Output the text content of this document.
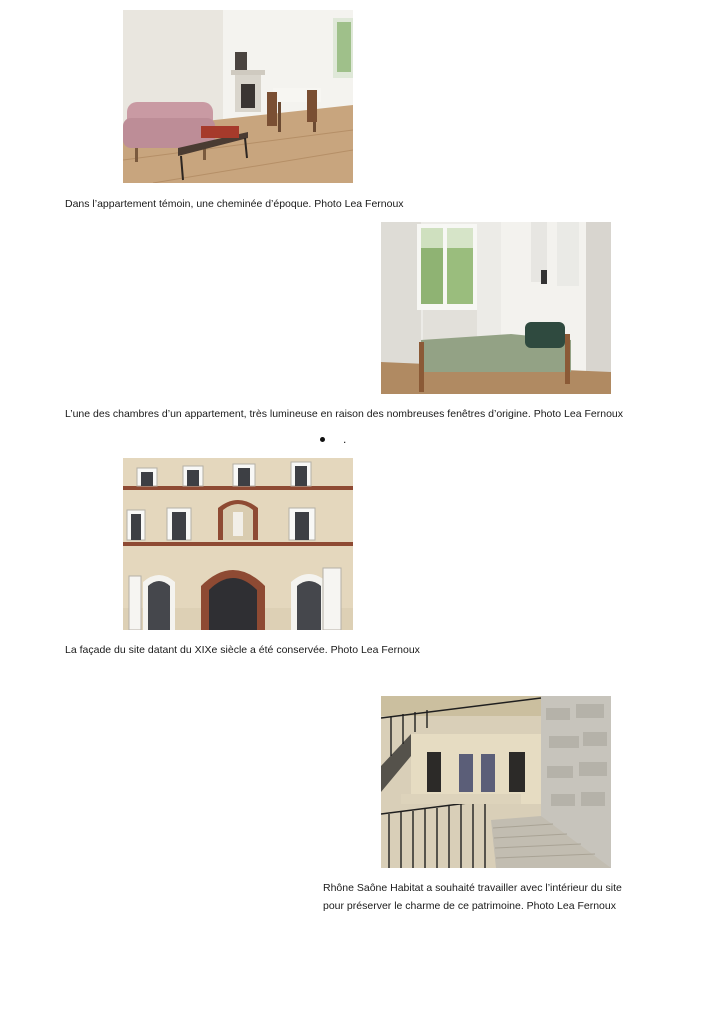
Dans l’appartement témoin, une cheminée d’époque. Photo Lea Fernoux
L’une des chambres d’un appartement, très lumineuse en raison des nombreuses fenêtres d’origine. Photo Lea Fernoux
.
La façade du site datant du XIXe siècle a été conservée. Photo Lea Fernoux
Rhône Saône Habitat a souhaité travailler avec l’intérieur du site
pour préserver le charme de ce patrimoine. Photo Lea Fernoux
